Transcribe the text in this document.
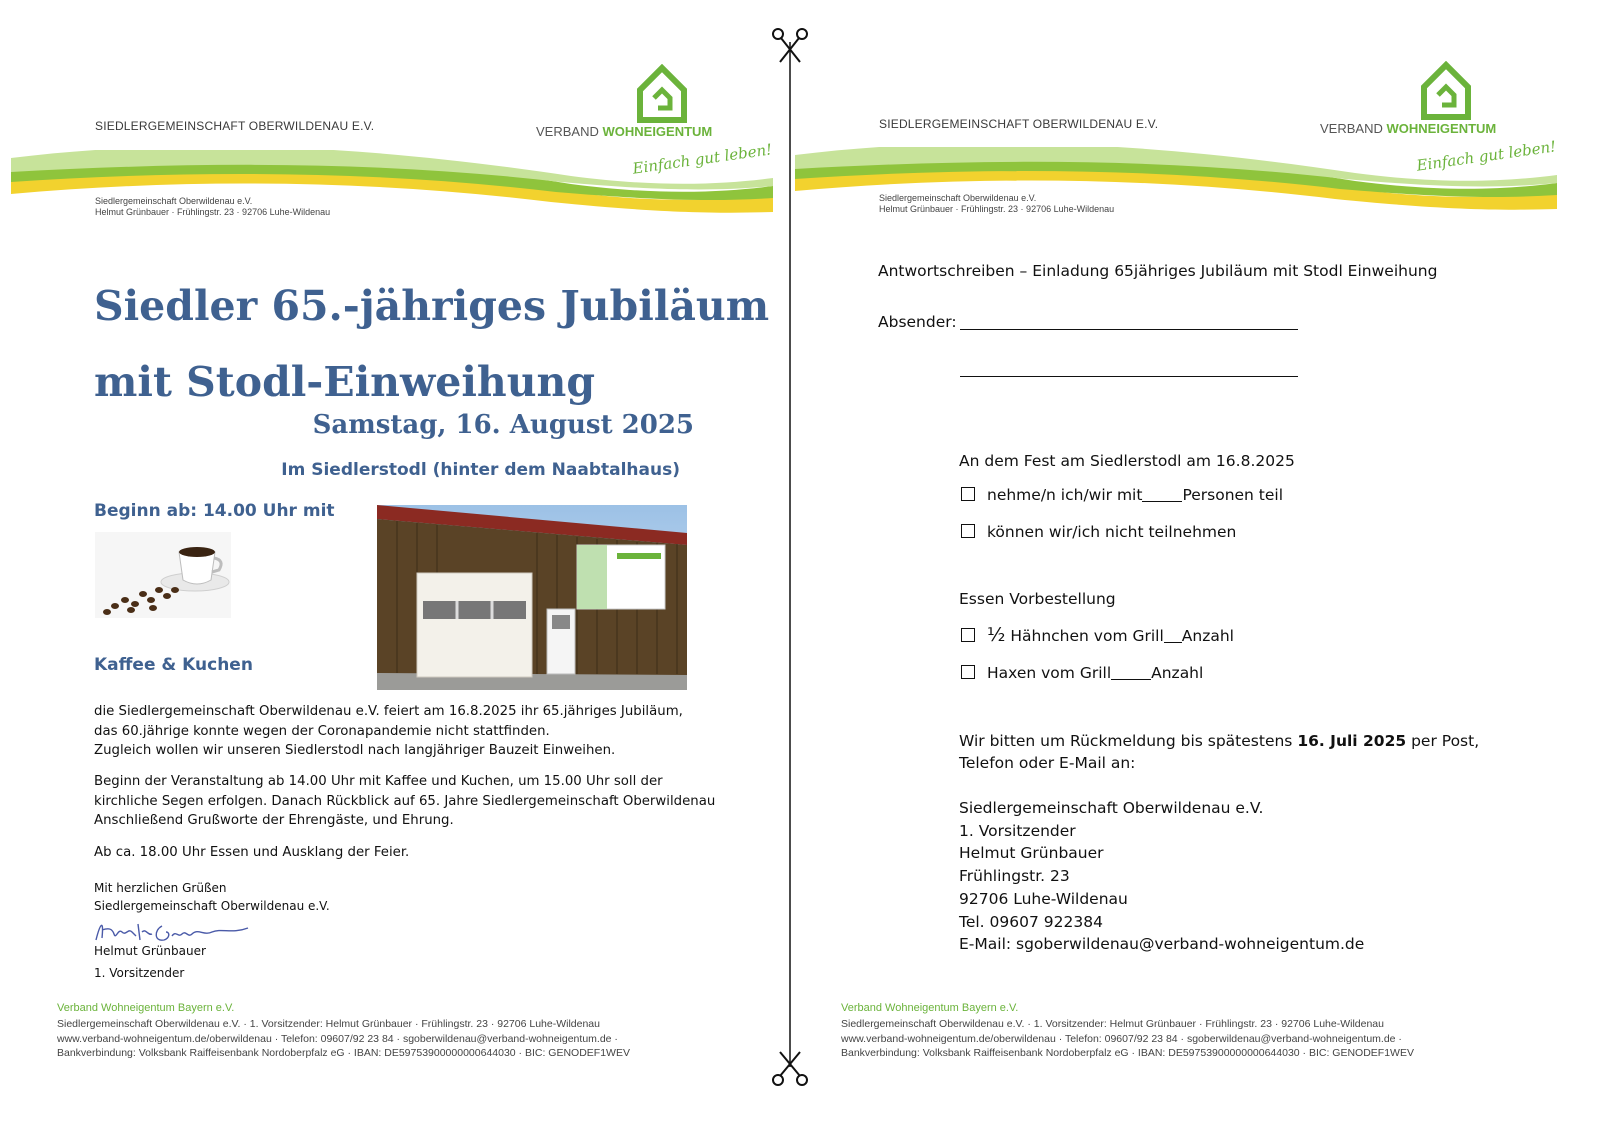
SIEDLERGEMEINSCHAFT OBERWILDENAU E.V.
Siedlergemeinschaft Oberwildenau e.V.
Helmut Grünbauer · Frühlingstr. 23 · 92706 Luhe-Wildenau
VERBAND WOHNEIGENTUM
Einfach gut leben!
Siedler 65.-jähriges Jubiläum
mit Stodl-Einweihung
Samstag, 16. August 2025
Im Siedlerstodl (hinter dem Naabtalhaus)
Beginn ab: 14.00 Uhr mit
Kaffee & Kuchen
die Siedlergemeinschaft Oberwildenau e.V. feiert am 16.8.2025 ihr 65.jähriges Jubiläum,
das 60.jährige konnte wegen der Coronapandemie nicht stattfinden.
Zugleich wollen wir unseren Siedlerstodl nach langjähriger Bauzeit Einweihen.
Beginn der Veranstaltung ab 14.00 Uhr mit Kaffee und Kuchen, um 15.00 Uhr soll der
kirchliche Segen erfolgen. Danach Rückblick auf 65. Jahre Siedlergemeinschaft Oberwildenau
Anschließend Grußworte der Ehrengäste, und Ehrung.
Ab ca. 18.00 Uhr Essen und Ausklang der Feier.
Mit herzlichen Grüßen
Siedlergemeinschaft Oberwildenau e.V.
Helmut Grünbauer
1. Vorsitzender
Verband Wohneigentum Bayern e.V.
Siedlergemeinschaft Oberwildenau e.V. · 1. Vorsitzender: Helmut Grünbauer · Frühlingstr. 23 · 92706 Luhe-Wildenau
www.verband-wohneigentum.de/oberwildenau · Telefon: 09607/92 23 84 · sgoberwildenau@verband-wohneigentum.de ·
Bankverbindung: Volksbank Raiffeisenbank Nordoberpfalz eG · IBAN: DE59753900000000644030 · BIC: GENODEF1WEV
SIEDLERGEMEINSCHAFT OBERWILDENAU E.V.
Siedlergemeinschaft Oberwildenau e.V.
Helmut Grünbauer · Frühlingstr. 23 · 92706 Luhe-Wildenau
VERBAND WOHNEIGENTUM
Einfach gut leben!
Antwortschreiben – Einladung 65jähriges Jubiläum mit Stodl Einweihung
Absender:
An dem Fest am Siedlerstodl am 16.8.2025
nehme/n ich/wir mit	Personen teil
können wir/ich nicht teilnehmen
Essen Vorbestellung
½ Hähnchen vom Grill Anzahl
Haxen vom Grill	Anzahl
Wir bitten um Rückmeldung bis spätestens 16. Juli 2025 per Post,
Telefon oder E-Mail an:
Siedlergemeinschaft Oberwildenau e.V.
1. Vorsitzender
Helmut Grünbauer
Frühlingstr. 23
92706 Luhe-Wildenau
Tel. 09607 922384
E-Mail: sgoberwildenau@verband-wohneigentum.de
Verband Wohneigentum Bayern e.V.
Siedlergemeinschaft Oberwildenau e.V. · 1. Vorsitzender: Helmut Grünbauer · Frühlingstr. 23 · 92706 Luhe-Wildenau
www.verband-wohneigentum.de/oberwildenau · Telefon: 09607/92 23 84 · sgoberwildenau@verband-wohneigentum.de ·
Bankverbindung: Volksbank Raiffeisenbank Nordoberpfalz eG · IBAN: DE59753900000000644030 · BIC: GENODEF1WEV
